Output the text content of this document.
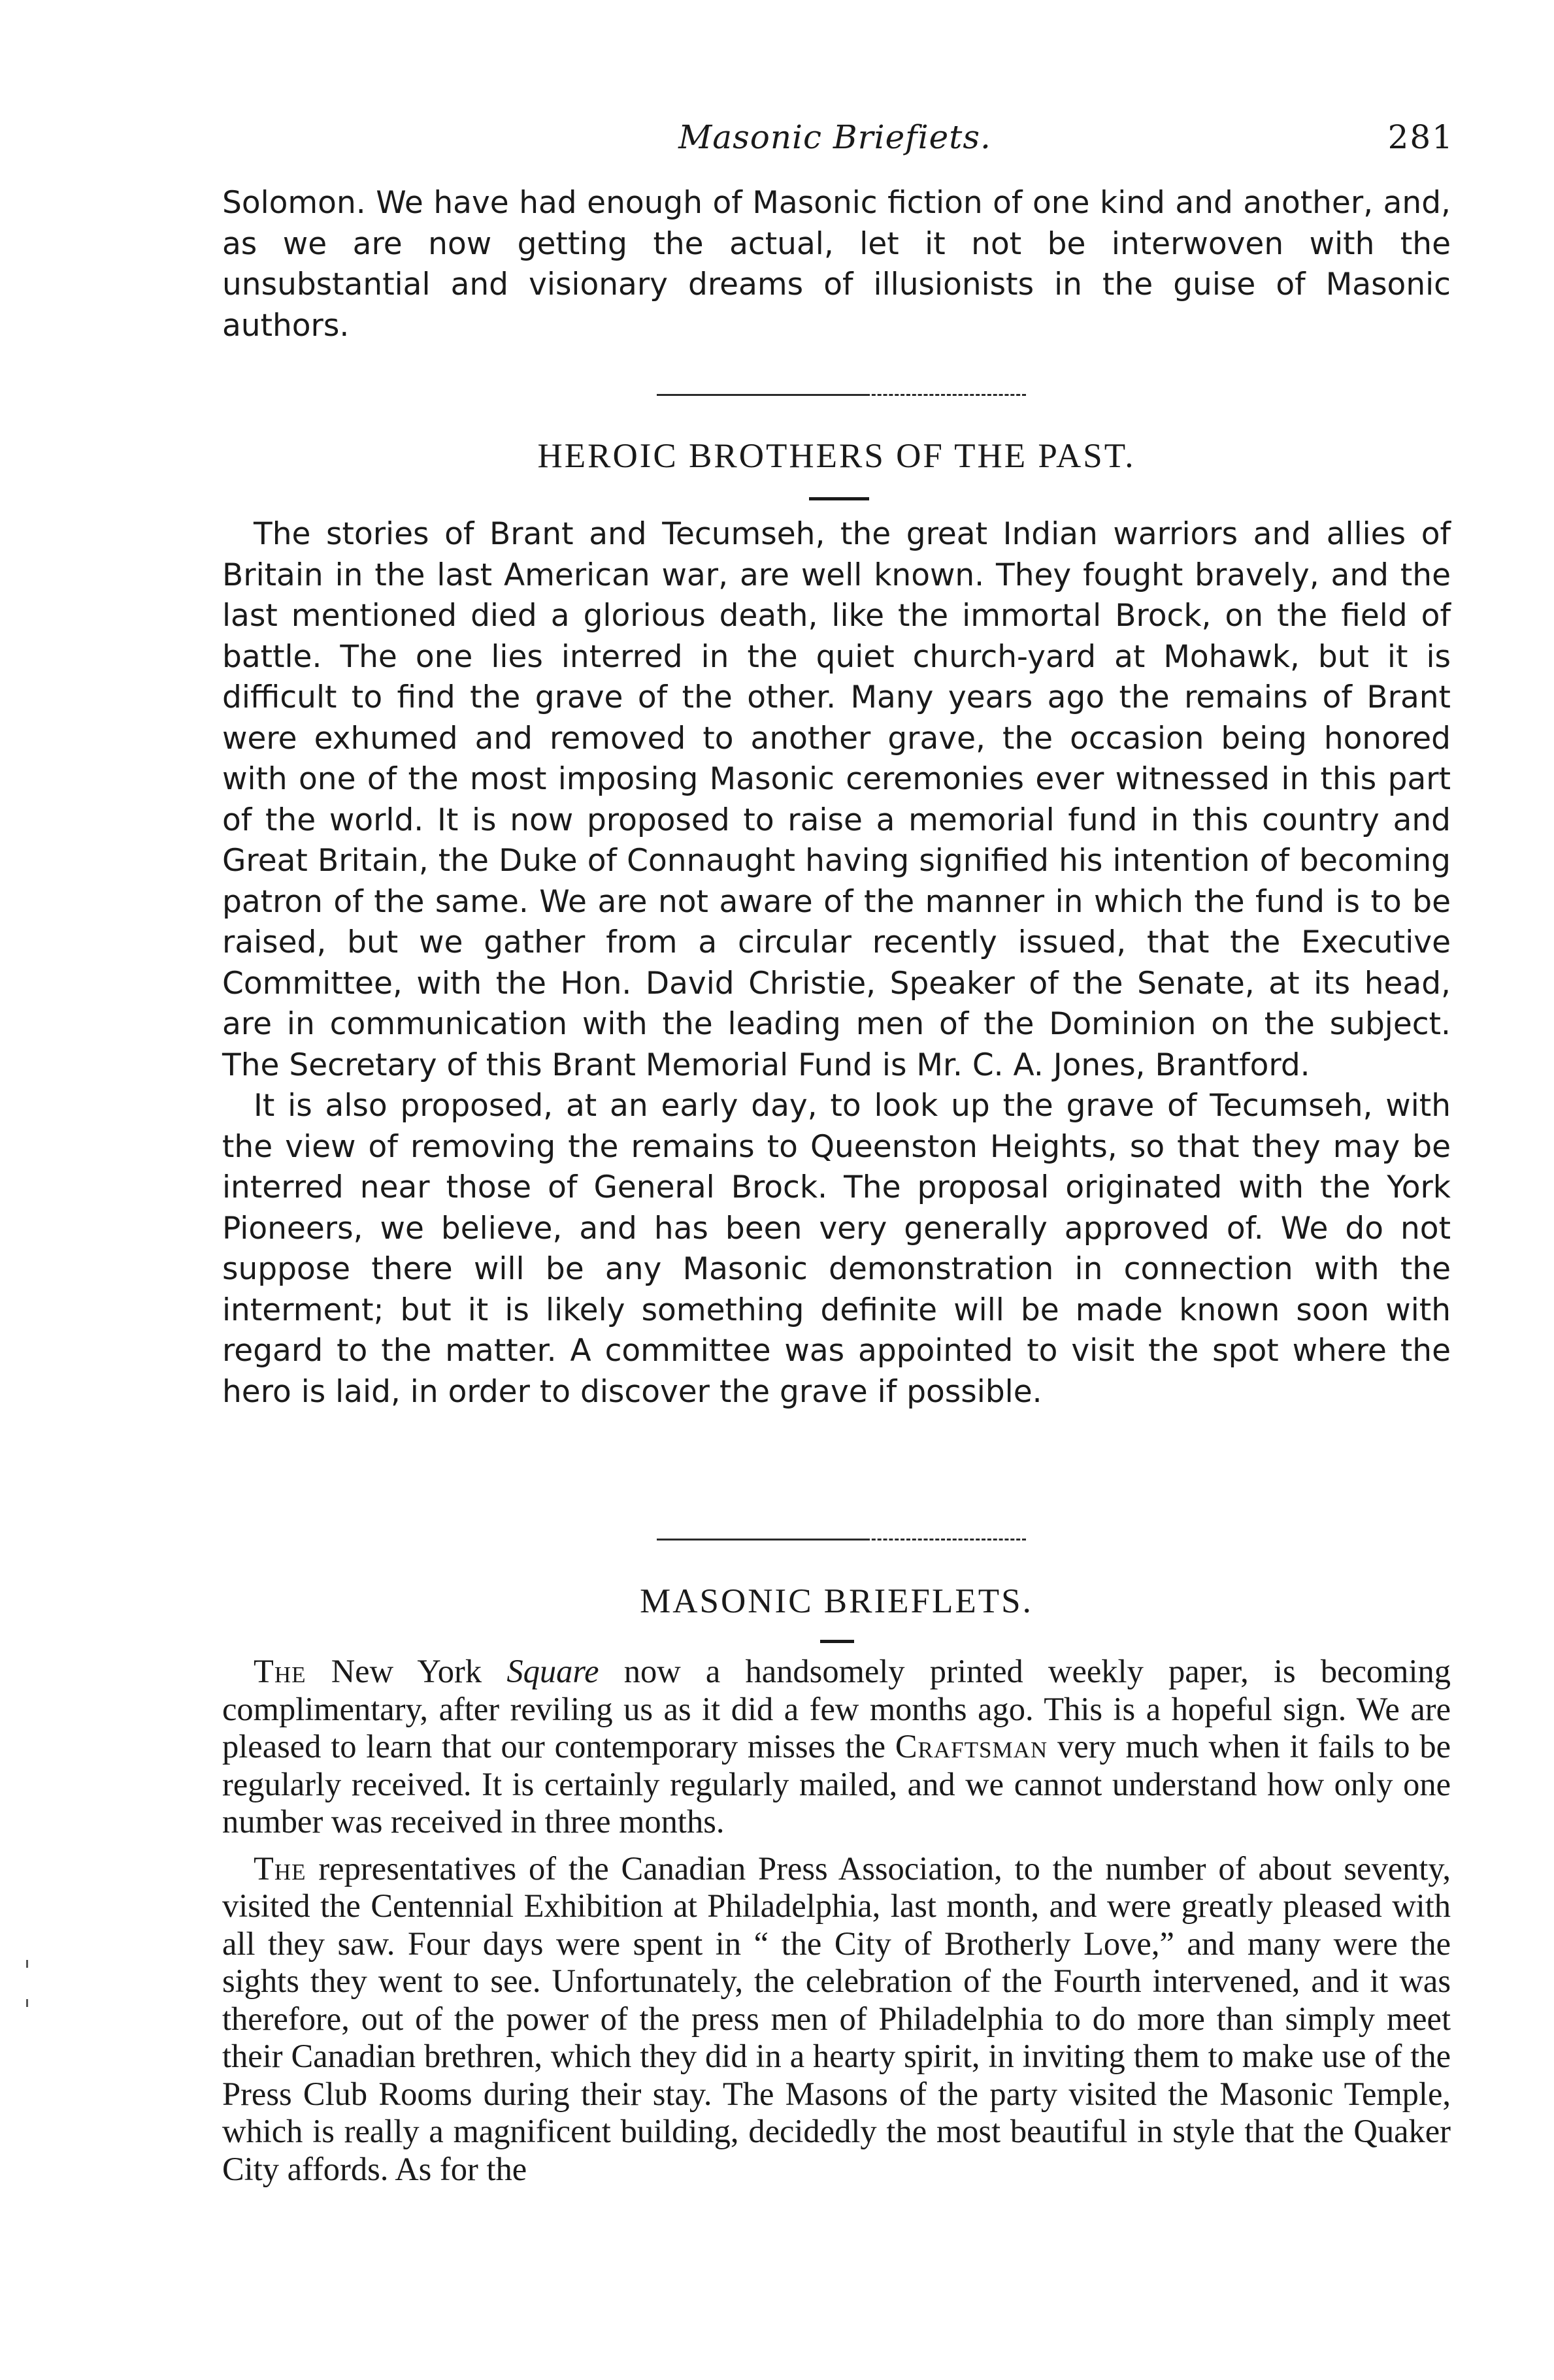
Masonic Briefiets.	281

Solomon. We have had enough of Masonic fiction of one kind and another, and, as we are now getting the actual, let it not be interwoven with the unsubstantial and visionary dreams of illusionists in the guise of Masonic authors.

HEROIC BROTHERS OF THE PAST.

The stories of Brant and Tecumseh, the great Indian warriors and allies of Britain in the last American war, are well known. They fought bravely, and the last mentioned died a glorious death, like the immortal Brock, on the field of battle. The one lies interred in the quiet church-yard at Mohawk, but it is difficult to find the grave of the other. Many years ago the remains of Brant were exhumed and removed to another grave, the occasion being honored with one of the most imposing Masonic ceremonies ever witnessed in this part of the world. It is now proposed to raise a memorial fund in this country and Great Britain, the Duke of Connaught having signified his intention of becoming patron of the same. We are not aware of the manner in which the fund is to be raised, but we gather from a circular recently issued, that the Executive Committee, with the Hon. David Christie, Speaker of the Senate, at its head, are in communication with the leading men of the Dominion on the subject. The Secretary of this Brant Memorial Fund is Mr. C. A. Jones, Brantford.

It is also proposed, at an early day, to look up the grave of Tecumseh, with the view of removing the remains to Queenston Heights, so that they may be interred near those of General Brock. The proposal originated with the York Pioneers, we believe, and has been very generally approved of. We do not suppose there will be any Masonic demonstration in connection with the interment; but it is likely something definite will be made known soon with regard to the matter. A committee was appointed to visit the spot where the hero is laid, in order to discover the grave if possible.

MASONIC BRIEFLETS.

The New York Square now a handsomely printed weekly paper, is becoming complimentary, after reviling us as it did a few months ago. This is a hopeful sign. We are pleased to learn that our contemporary misses the Craftsman very much when it fails to be regularly received. It is certainly regularly mailed, and we cannot understand how only one number was received in three months.

The representatives of the Canadian Press Association, to the number of about seventy, visited the Centennial Exhibition at Philadelphia, last month, and were greatly pleased with all they saw. Four days were spent in “ the City of Brotherly Love,” and many were the sights they went to see. Unfortunately, the celebration of the Fourth intervened, and it was therefore, out of the power of the press men of Philadelphia to do more than simply meet their Canadian brethren, which they did in a hearty spirit, in inviting them to make use of the Press Club Rooms during their stay. The Masons of the party visited the Masonic Temple, which is really a magnificent building, decidedly the most beautiful in style that the Quaker City affords. As for the
